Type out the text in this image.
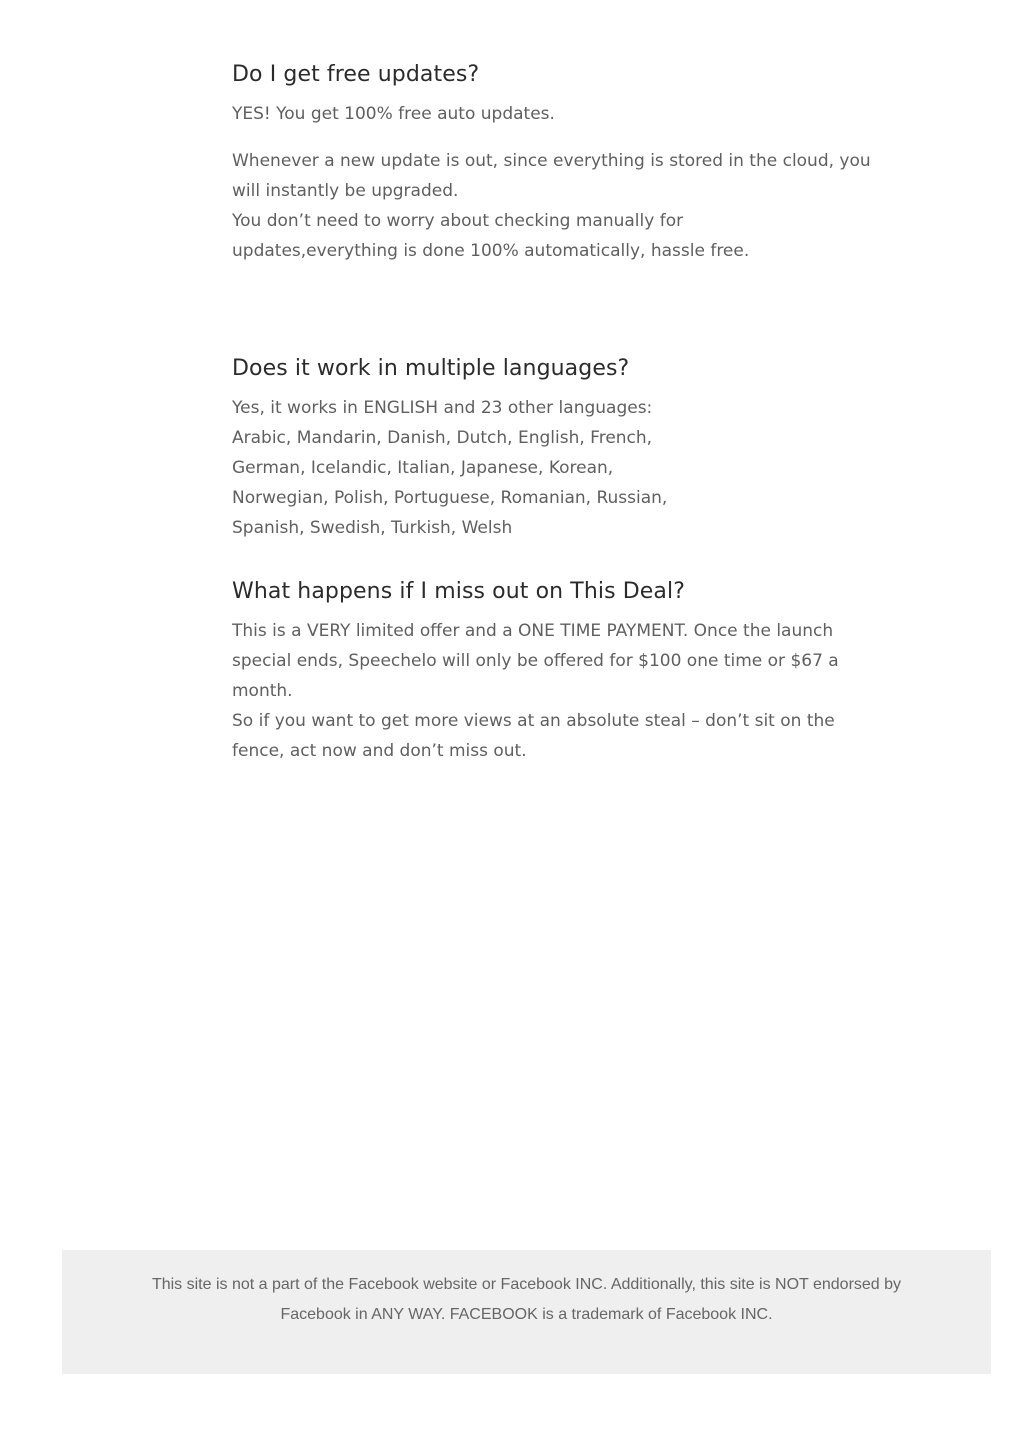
Do I get free updates?

YES! You get 100% free auto updates.

Whenever a new update is out, since everything is stored in the cloud, you will instantly be upgraded.

You don’t need to worry about checking manually for

updates,everything is done 100% automatically, hassle free.

Does it work in multiple languages?

Yes, it works in ENGLISH and 23 other languages:

Arabic, Mandarin, Danish, Dutch, English, French,

German, Icelandic, Italian, Japanese, Korean,

Norwegian, Polish, Portuguese, Romanian, Russian,

Spanish, Swedish, Turkish, Welsh

What happens if I miss out on This Deal?

This is a VERY limited offer and a ONE TIME PAYMENT. Once the launch special ends, Speechelo will only be offered for $100 one time or $67 a month.

So if you want to get more views at an absolute steal – don’t sit on the fence, act now and don’t miss out.

This site is not a part of the Facebook website or Facebook INC. Additionally, this site is NOT endorsed by Facebook in ANY WAY. FACEBOOK is a trademark of Facebook INC.
